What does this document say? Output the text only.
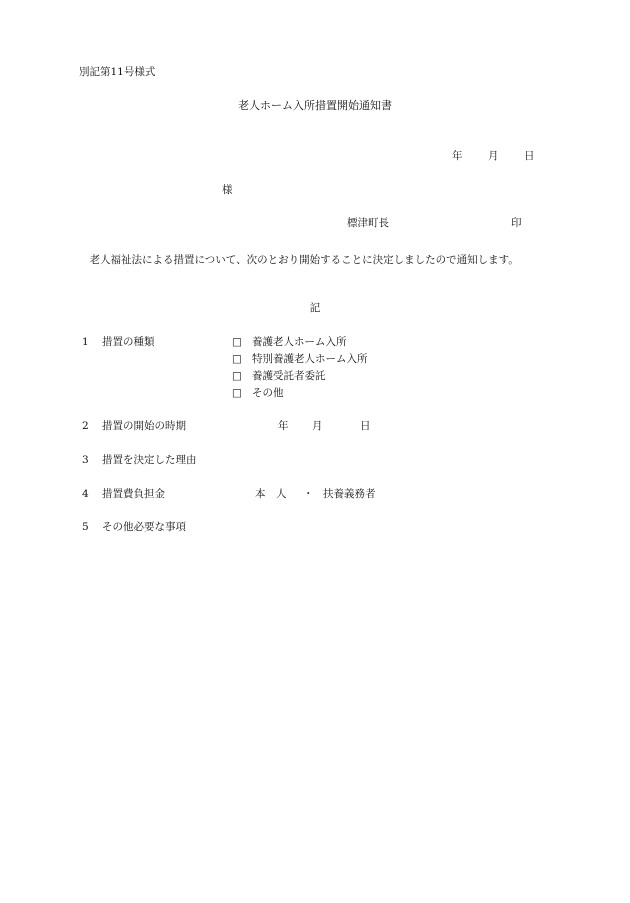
別記第11号様式
老人ホーム入所措置開始通知書
年 月 日
様
標津町長	印
老人福祉法による措置について、次のとおり開始することに決定しましたので通知します。
記
1 措置の種類	□ 養護老人ホーム入所
□ 特別養護老人ホーム入所
□ 養護受託者委託
□ その他
2 措置の開始の時期	年 月	日
3 措置を決定した理由
4 措置費負担金	本　人 ・ 扶養義務者
5 その他必要な事項
